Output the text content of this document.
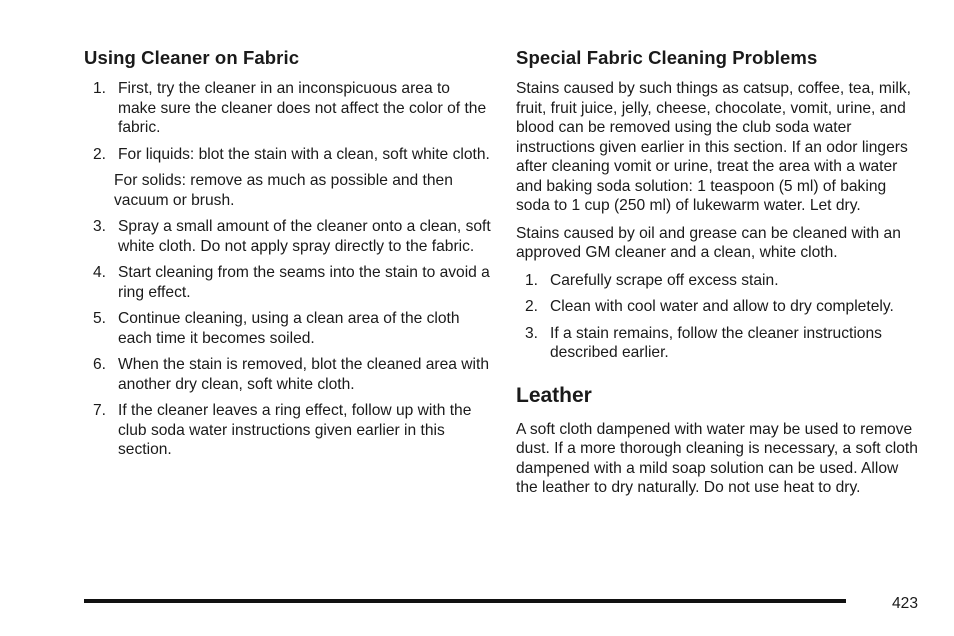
Using Cleaner on Fabric
1. First, try the cleaner in an inconspicuous area to make sure the cleaner does not affect the color of the fabric.
2. For liquids: blot the stain with a clean, soft white cloth.

For solids: remove as much as possible and then vacuum or brush.

3. Spray a small amount of the cleaner onto a clean, soft white cloth. Do not apply spray directly to the fabric.
4. Start cleaning from the seams into the stain to avoid a ring effect.
5. Continue cleaning, using a clean area of the cloth each time it becomes soiled.
6. When the stain is removed, blot the cleaned area with another dry clean, soft white cloth.
7. If the cleaner leaves a ring effect, follow up with the club soda water instructions given earlier in this section.
Special Fabric Cleaning Problems

Stains caused by such things as catsup, coffee, tea, milk, fruit, fruit juice, jelly, cheese, chocolate, vomit, urine, and blood can be removed using the club soda water instructions given earlier in this section. If an odor lingers after cleaning vomit or urine, treat the area with a water and baking soda solution: 1 teaspoon (5 ml) of baking soda to 1 cup (250 ml) of lukewarm water. Let dry.

Stains caused by oil and grease can be cleaned with an approved GM cleaner and a clean, white cloth.

1. Carefully scrape off excess stain.
2. Clean with cool water and allow to dry completely.
3. If a stain remains, follow the cleaner instructions described earlier.
Leather

A soft cloth dampened with water may be used to remove dust. If a more thorough cleaning is necessary, a soft cloth dampened with a mild soap solution can be used. Allow the leather to dry naturally. Do not use heat to dry.

423
